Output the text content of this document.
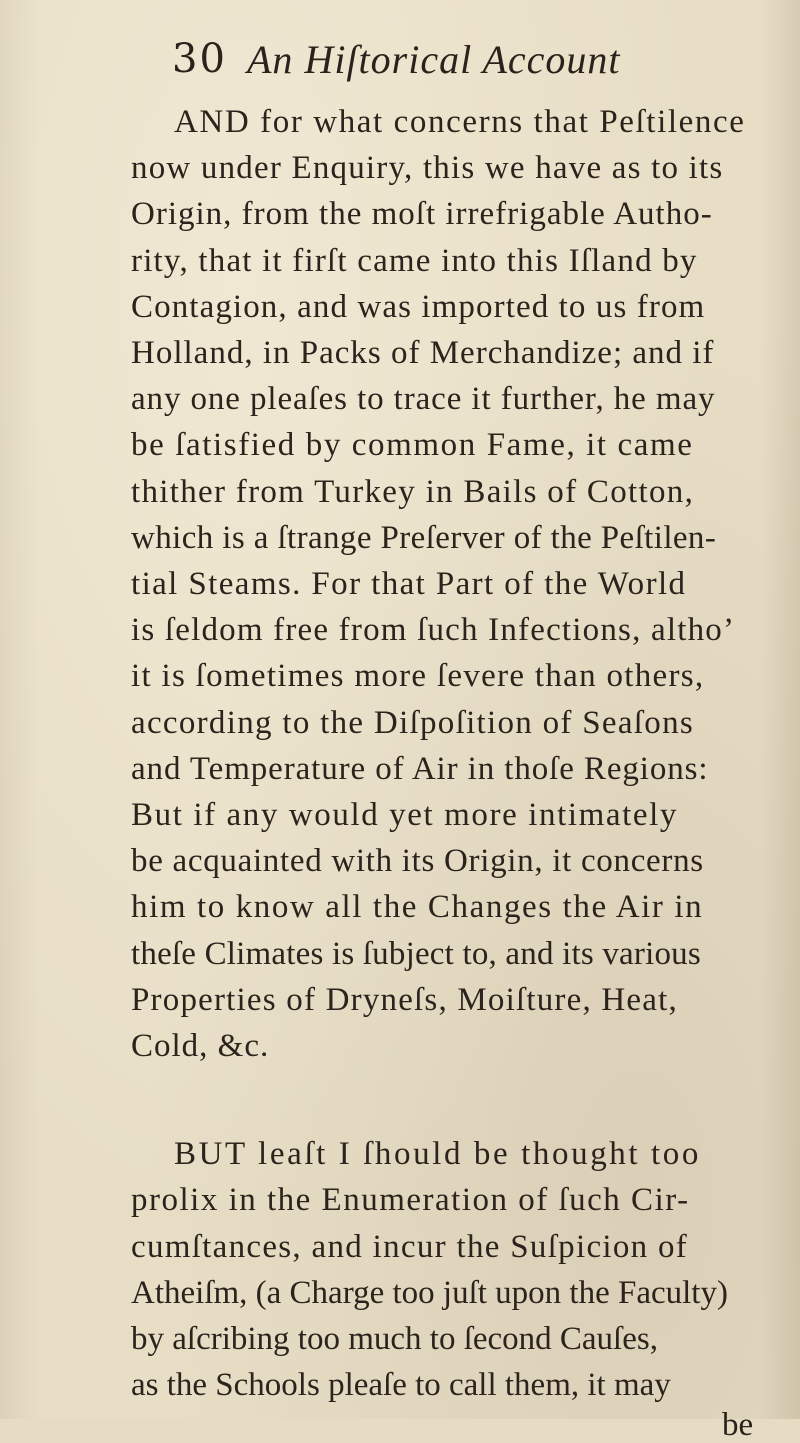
30 An Hiſtorical Account
AND for what concerns that Peſtilence
now under Enquiry, this we have as to its
Origin, from the moſt irrefrigable Autho-
rity, that it firſt came into this Iſland by
Contagion, and was imported to us from
Holland, in Packs of Merchandize; and if
any one pleaſes to trace it further, he may
be ſatisfied by common Fame, it came
thither from Turkey in Bails of Cotton,
which is a ſtrange Preſerver of the Peſtilen-
tial Steams. For that Part of the World
is ſeldom free from ſuch Infections, altho’
it is ſometimes more ſevere than others,
according to the Diſpoſition of Seaſons
and Temperature of Air in thoſe Regions:
But if any would yet more intimately
be acquainted with its Origin, it concerns
him to know all the Changes the Air in
theſe Climates is ſubject to, and its various
Properties of Dryneſs, Moiſture, Heat,
Cold, &c.
BUT leaſt I ſhould be thought too
prolix in the Enumeration of ſuch Cir-
cumſtances, and incur the Suſpicion of
Atheiſm, (a Charge too juſt upon the Faculty)
by aſcribing too much to ſecond Cauſes,
as the Schools pleaſe to call them, it may
be
